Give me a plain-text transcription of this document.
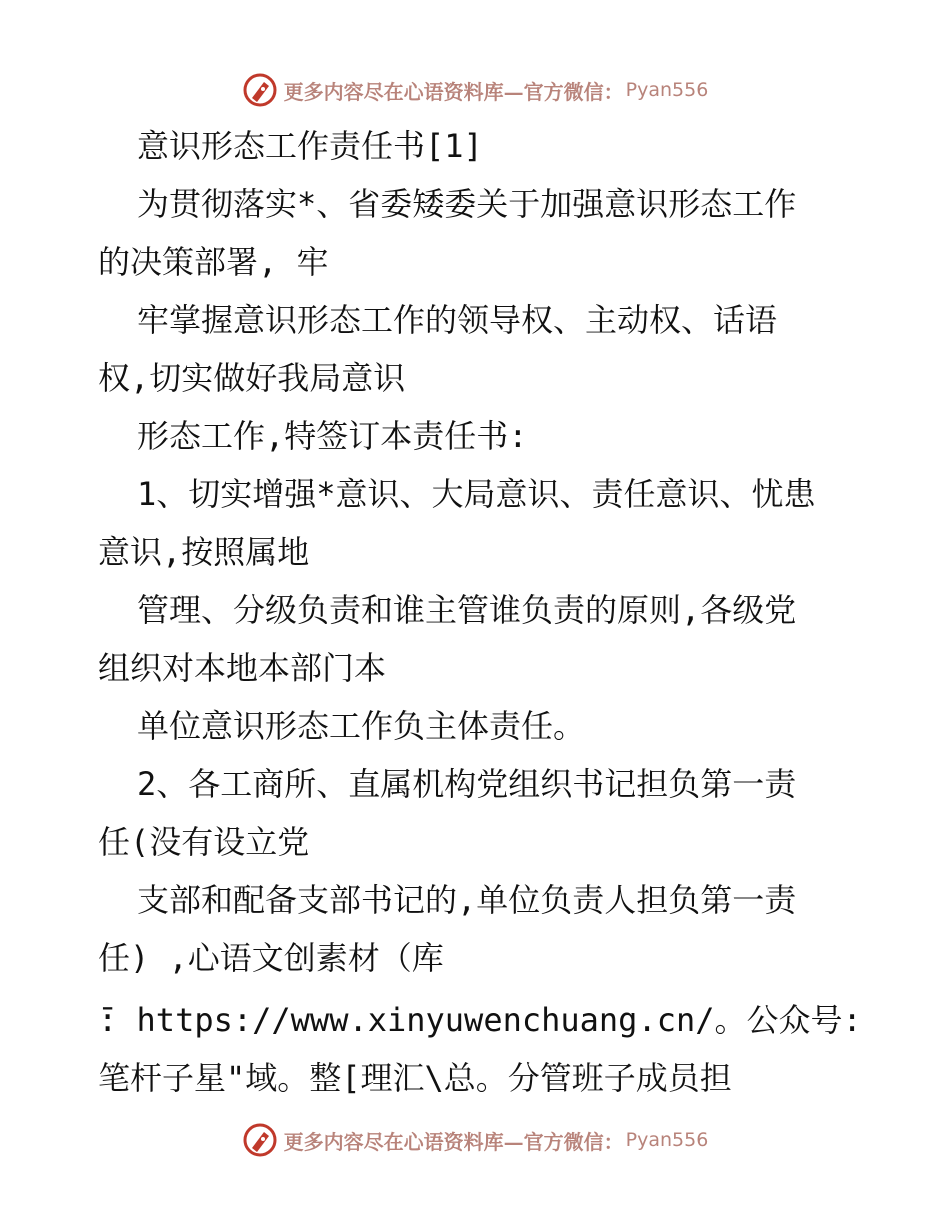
更多内容尽在心语资料库—官方微信： Pyan556
意识形态工作责任书[1]
为贯彻落实*、省委矮委关于加强意识形态工作
的决策部署, 牢
牢掌握意识形态工作的领导权、主动权、话语
权,切实做好我局意识
形态工作,特签订本责任书:
1、切实增强*意识、大局意识、责任意识、忧患
意识,按照属地
管理、分级负责和谁主管谁负责的原则,各级党
组织对本地本部门本
单位意识形态工作负主体责任。
2、各工商所、直属机构党组织书记担负第一责
任(没有设立党
支部和配备支部书记的,单位负责人担负第一责
任) ,心语文创素材（库
̄: https://www.xinyuwenchuang.cn/。公众号:
笔杆子星"域。整[理汇\总。分管班子成员担
更多内容尽在心语资料库—官方微信： Pyan556
